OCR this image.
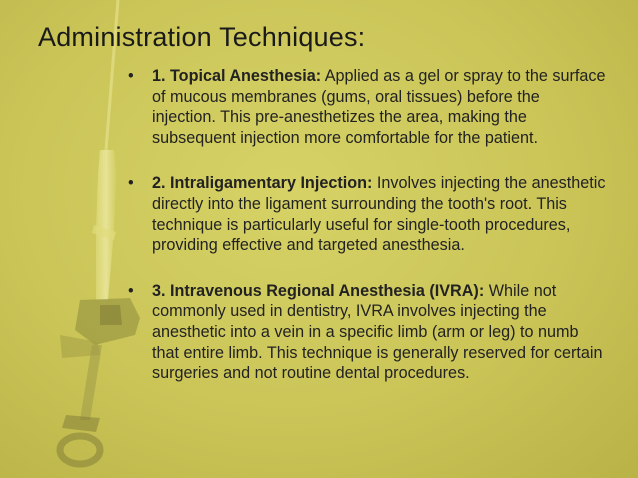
Administration Techniques:
• 1. Topical Anesthesia: Applied as a gel or spray to the surface of mucous membranes (gums, oral tissues) before the injection. This pre-anesthetizes the area, making the subsequent injection more comfortable for the patient.
• 2. Intraligamentary Injection: Involves injecting the anesthetic directly into the ligament surrounding the tooth's root. This technique is particularly useful for single-tooth procedures, providing effective and targeted anesthesia.
• 3. Intravenous Regional Anesthesia (IVRA): While not commonly used in dentistry, IVRA involves injecting the anesthetic into a vein in a specific limb (arm or leg) to numb that entire limb. This technique is generally reserved for certain surgeries and not routine dental procedures.
